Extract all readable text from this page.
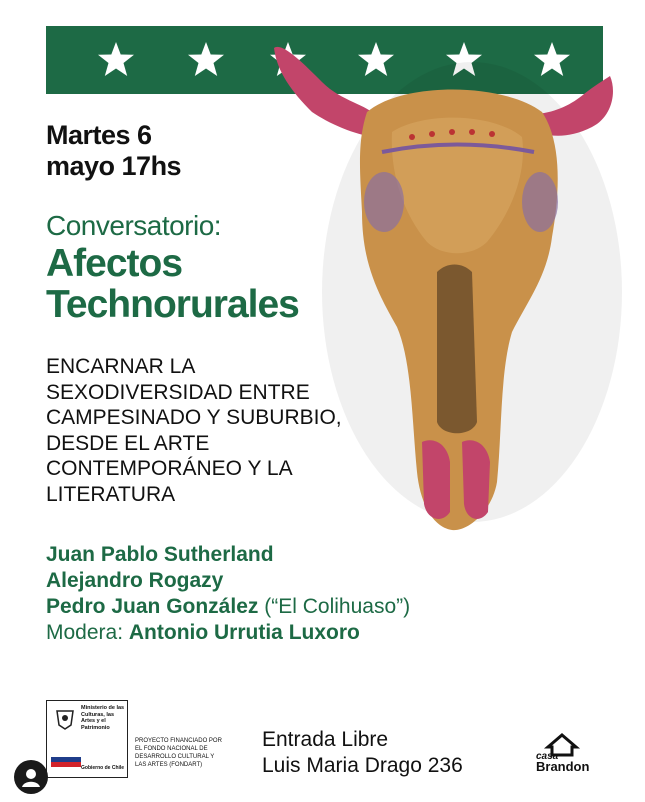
Martes 6
mayo 17hs
Conversatorio:
Afectos
Technorurales
ENCARNAR LA
SEXODIVERSIDAD ENTRE
CAMPESINADO Y SUBURBIO,
DESDE EL ARTE
CONTEMPORÁNEO Y LA
LITERATURA
Juan Pablo Sutherland
Alejandro Rogazy
Pedro Juan González (“El Colihuaso”)
Modera: Antonio Urrutia Luxoro
Ministerio de las Culturas, las Artes y el Patrimonio
Gobierno de Chile
PROYECTO FINANCIADO POR EL FONDO NACIONAL DE DESARROLLO CULTURAL Y LAS ARTES (FONDART)
Entrada Libre
Luis Maria Drago 236	casa
Brandon
